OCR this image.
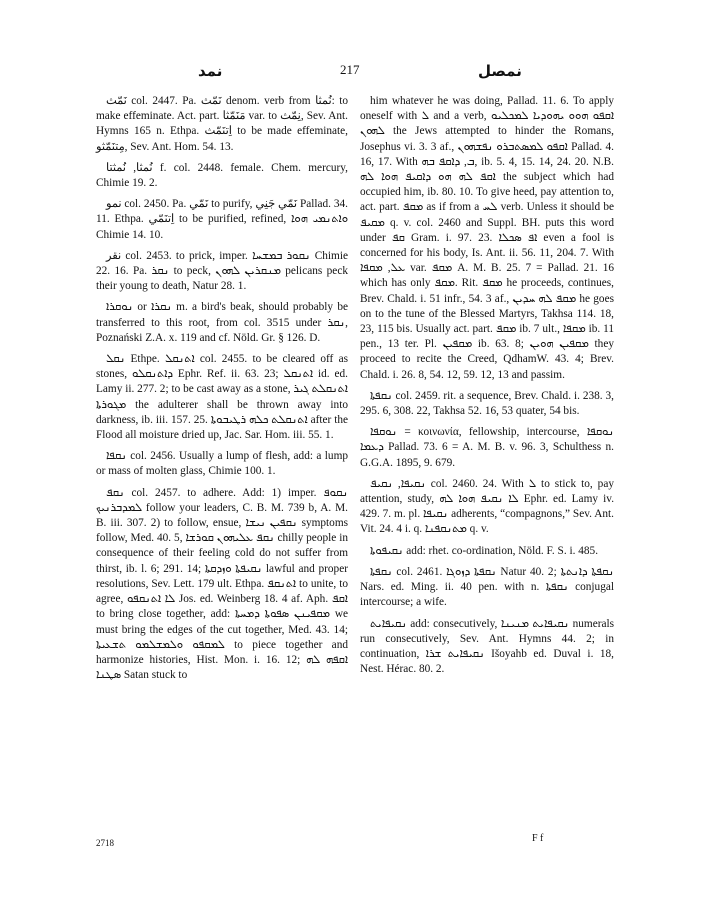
نمد	217	نمصل

نَمّث col. 2447. Pa. نَمّث denom. verb from نُمثا: to make effeminate. Act. part. مَنَمّثا var. to نِمّث, Sev. Ant. Hymns 165 n. Ethpa. اِتنَمّث to be made effeminate, مِتنَمّثو, Sev. Ant. Hom. 54. 13.

نُمثا, نُمثتا f. col. 2448. female. Chem. mercury, Chimie 19. 2.

نمو col. 2450. Pa. نَمّي to purify, نَمّي جَنِي Pallad. 34. 11. Ethpa. اِتنَمّي to be purified, refined, ܘܐܬܢܡܝ ܗܘܐ Chimie 14. 10.

نقر col. 2453. to prick, imper. ܢܩܘܪ ܒܡܫܚܐ Chimie 22. 16. Pa. ܢܩܪ to peck, ܡܢܩܪܝܢ ܠܗܘܢ pelicans peck their young to death, Natur 28. 1.

ܢܘܩܪܐ or ܢܩܪܐ m. a bird's beak, should probably be transferred to this root, from col. 3515 under ܢܩܪ, Poznański Z.A. x. 119 and cf. Nöld. Gr. § 126. D.

ܢܩܠ Ethpe. ܐܬܢܩܠ col. 2455. to be cleared off as stones, ܕܐܬܢܩܠܘ Ephr. Ref. ii. 63. 23; ܐܬܢܩܠ id. ed. Lamy ii. 277. 2; to be cast away as a stone, ܐܬܢܩܠܬ ܓܝܪ ܡܓܘܪܬܐ the adulterer shall be thrown away into darkness, ib. iii. 157. 25. ܐܬܢܩܠܬ ܟܠܗ ܪܛܝܒܘܬܐ after the Flood all moisture dried up, Jac. Sar. Hom. iii. 55. 1.

ܢܩܦܐ col. 2456. Usually a lump of flesh, add: a lump or mass of molten glass, Chimie 100. 1.

ܢܩܦ col. 2457. to adhere. Add: 1) imper. ܢܩܘܦ ܠܡܕܒܪܢܝܟ follow your leaders, C. B. M. 739 b, A. M. B. iii. 307. 2) to follow, ensue, ܢܩܦܝܢ ܢܝܫܐ symptoms follow, Med. 40. 5, ܢܩܦ ܥܠܝܗܘܢ ܩܘܪܫܐ chilly people in consequence of their feeling cold do not suffer from thirst, ib. l. 6; 291. 14; ܢܩܝܦܬܐ ܘܙܕܩܬܐ lawful and proper resolutions, Sev. Lett. 179 ult. Ethpa. ܐܬܢܩܦ to unite, to agree, ܠܐ ܐܬܢܩܦܘ Jos. ed. Weinberg 18. 4 af. Aph. ܐܩܦ to bring close together, add: ܡܩܦܝܢܢ ܣܦܘܬܐ ܕܡܚܬܐ we must bring the edges of the cut together, Med. 43. 14; ܠܡܩܦܘ ܘܠܡܫܠܡܘ ܬܫܥܝܬܐ to piece together and harmonize histories, Hist. Mon. i. 16. 12; ܐܩܦܗ ܠܗ ܣܛܢܐ Satan stuck to

him whatever he was doing, Pallad. 11. 6. To apply oneself with ܠ and a verb, ܐܩܦܘ ܗܘܘ ܝܗܘܕܝܐ ܠܡܟܠܝܘ ܠܗܘܢ the Jews attempted to hinder the Romans, Josephus vi. 3. 3 af., ܐܩܦܘ ܠܡܣܬܒܪܘ ܢܦܫܗܘܢ Pallad. 4. 16, 17. With ܒ, ܕܐܩܦ ܒܗ, ib. 5. 4, 15. 14, 24. 20. N.B. ܐܩܦ ܠܗ ܗܘ ܕܐܩܝܦ ܗܘܐ ܠܗ the subject which had occupied him, ib. 80. 10. To give heed, pay attention to, act. part. ܡܩܦ as if from a ܠܚ verb. Unless it should be ܡܩܝܦ q. v. col. 2460 and Suppl. BH. puts this word under ܩܦ Gram. i. 97. 23. ܐܦ ܣܟܠܐ even a fool is concerned for his body, Is. Ant. ii. 56. 11, 204. 7. With ܥܠ, ܡܩܦܐ var. ܡܩܦ A. M. B. 25. 7 = Pallad. 21. 16 which has only ܡܩܦ. Rit. ܡܩܦ he proceeds, continues, Brev. Chald. i. 51 infr., 54. 3 af., ܡܩܦ ܠܗ ܚܕܝܢ he goes on to the tune of the Blessed Martyrs, Takhsa 114. 18, 23, 115 bis. Usually act. part. ܡܩܦ ib. 7 ult., ܡܩܦܐ ib. 11 pen., 13 ter. Pl. ܡܩܦܝܢ ib. 63. 8; ܡܩܦܝܢ ܗܘܝܢ they proceed to recite the Creed, QdhamW. 43. 4; Brev. Chald. i. 26. 8, 54. 12, 59. 12, 13 and passim.

ܢܩܦܬܐ col. 2459. rit. a sequence, Brev. Chald. i. 238. 3, 295. 6, 308. 22, Takhsa 52. 16, 53 quater, 54 bis.

ܢܘܩܦܐ = κοινωνία, fellowship, intercourse, ܢܘܩܦܐ ܕܥܡܐ Pallad. 73. 6 = A. M. B. v. 96. 3, Schulthess n. G.G.A. 1895, 9. 679.

ܢܩܝܦܐ, ܢܩܝܦ col. 2460. 24. With ܠ to stick to, pay attention, study, ܠܐ ܢܩܝܦ ܗܘܐ ܠܗ Ephr. ed. Lamy iv. 429. 7. m. pl. ܢܩܝܦܐ adherents, “compagnons,” Sev. Ant. Vit. 24. 4 i. q. ܡܬܢܩܦܢܐ q. v.

ܢܩܝܦܘܬܐ add: rhet. co-ordination, Nöld. F. S. i. 485.

ܢܩܦܬܐ col. 2461. ܢܩܦܬܐ ܕܙܘܓܐ Natur 40. 2; ܢܩܦܬܐ ܕܐܢܬܬܐ Nars. ed. Ming. ii. 40 pen. with n. ܢܩܦܬܐ conjugal intercourse; a wife.

ܢܩܝܦܐܝܬ add: consecutively, ܢܩܝܦܐܝܬ ܡܢܝܢܐ numerals run consecutively, Sev. Ant. Hymns 44. 2; in continuation, ܢܩܝܦܐܝܬ ܫܪܐ Išoyahb ed. Duval i. 18, Nest. Hérac. 80. 2.

2718	F f
